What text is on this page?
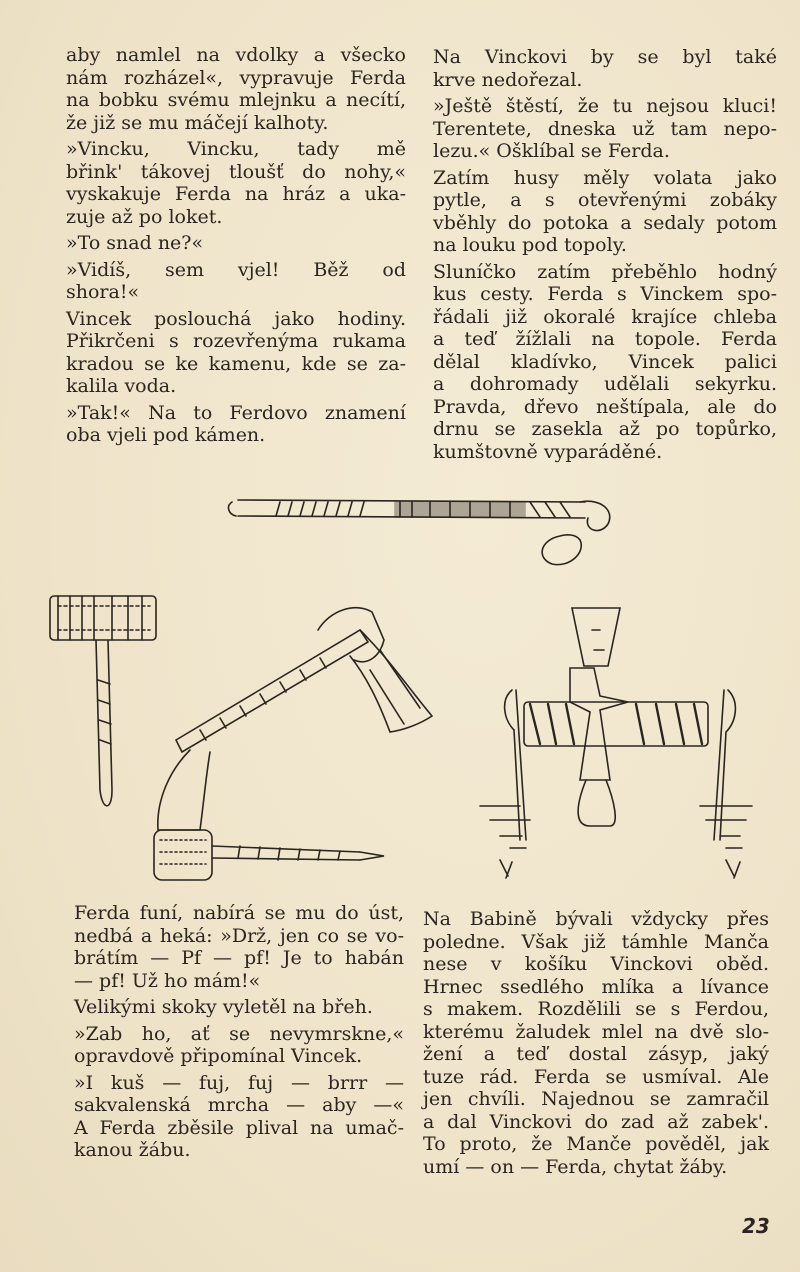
aby namlel na vdolky a všecko
nám rozházel«, vypravuje Ferda
na bobku svému mlejnku a necítí,
že již se mu máčejí kalhoty.

»Vincku, Vincku, tady mě
břink' tákovej tloušť do nohy,«
vyskakuje Ferda na hráz a uka-
zuje až po loket.

»To snad ne?«

»Vidíš, sem vjel! Běž od
shora!«

Vincek poslouchá jako hodiny.
Přikrčeni s rozevřenýma rukama
kradou se ke kamenu, kde se za-
kalila voda.

»Tak!« Na to Ferdovo znamení
oba vjeli pod kámen.

Na Vinckovi by se byl také
krve nedořezal.

»Ještě štěstí, že tu nejsou kluci!
Terentete, dneska už tam nepo-
lezu.« Ošklíbal se Ferda.

Zatím husy měly volata jako
pytle, a s otevřenými zobáky
vběhly do potoka a sedaly potom
na louku pod topoly.

Sluníčko zatím přeběhlo hodný
kus cesty. Ferda s Vinckem spo-
řádali již okoralé krajíce chleba
a teď žížlali na topole. Ferda
dělal kladívko, Vincek palici
a dohromady udělali sekyrku.
Pravda, dřevo neštípala, ale do
drnu se zasekla až po topůrko,
kumštovně vyparáděné.

Ferda funí, nabírá se mu do úst,
nedbá a heká: »Drž, jen co se vo-
brátím — Pf — pf! Je to habán
— pf! Už ho mám!«

Velikými skoky vyletěl na břeh.

»Zab ho, ať se nevymrskne,«
opravdově připomínal Vincek.

»I kuš — fuj, fuj — brrr —
sakvalenská mrcha — aby —«
A Ferda zběsile plival na umač-
kanou žábu.

Na Babině bývali vždycky přes
poledne. Však již támhle Manča
nese v košíku Vinckovi oběd.
Hrnec ssedlého mlíka a lívance
s makem. Rozdělili se s Ferdou,
kterému žaludek mlel na dvě slo-
žení a teď dostal zásyp, jaký
tuze rád. Ferda se usmíval. Ale
jen chvíli. Najednou se zamračil
a dal Vinckovi do zad až zabek'.
To proto, že Manče pověděl, jak
umí — on — Ferda, chytat žáby.

23
